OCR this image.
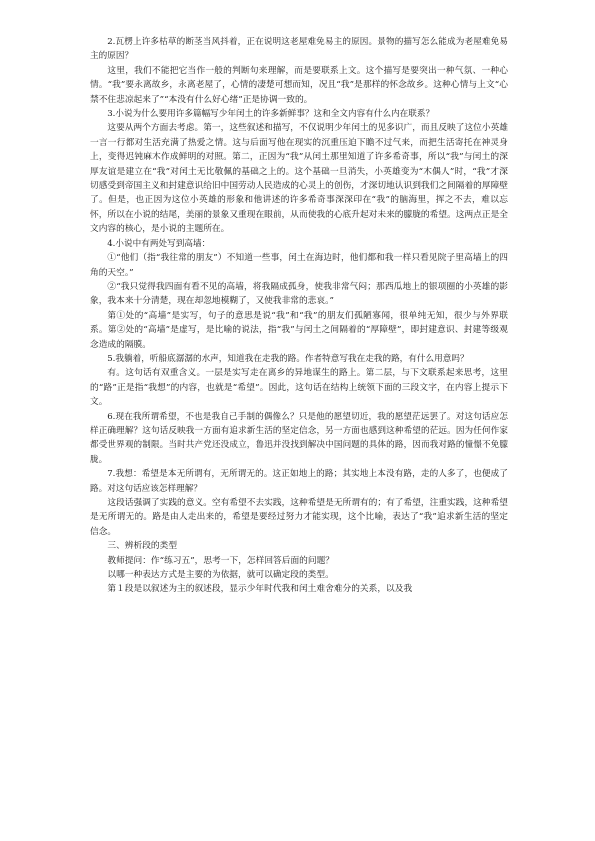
2.瓦楞上许多枯草的断茎当风抖着，正在说明这老屋难免易主的原因。景物的描写怎么能成为老屋难免易主的原因？

这里，我们不能把它当作一般的判断句来理解，而是要联系上文。这个描写是要突出一种气氛、一种心情。“我”要永离故乡，永离老屋了，心情的凄楚可想而知，况且“我”是那样的怀念故乡。这种心情与上文“心禁不住悲凉起来了”“本没有什么好心绪”正是协调一致的。

3.小说为什么要用许多篇幅写少年闰土的许多新鲜事？这和全文内容有什么内在联系？

这要从两个方面去考虑。第一，这些叙述和描写，不仅说明少年闰土的见多识广，而且反映了这位小英雄一言一行都对生活充满了热爱之情。这与后面写他在现实的沉重压迫下瞻不过气来，而把生活寄托在神灵身上，变得迟钝麻木作成鲜明的对照。第二，正因为“我”从闰土那里知道了许多希奇事，所以“我”与闰土的深厚友谊是建立在“我”对闰土无比敬佩的基础之上的。这个基础一旦消失，小英雄变为“木偶人”时，“我”才深切感受到帝国主义和封建意识给旧中国劳动人民造成的心灵上的创伤，才深切地认识到我们之间隔着的厚障壁了。但是，也正因为这位小英雄的形象和他讲述的许多希奇事深深印在“我”的脑海里，挥之不去，难以忘怀，所以在小说的结尾，美丽的景象又重现在眼前，从而使我的心底升起对未来的朦胧的希望。这两点正是全文内容的核心，是小说的主题所在。

4.小说中有两处写到高墙：

①“他们（指“我往常的朋友”）不知道一些事，闰土在海边时，他们都和我一样只看见院子里高墙上的四角的天空。”

②“我只觉得我四面有看不见的高墙，将我隔成孤身，使我非常气闷；那西瓜地上的银项圈的小英雄的影象，我本来十分清楚，现在却忽地模糊了，又使我非常的悲哀。”

第①处的“高墙”是实写，句子的意思是说“我”和“我”的朋友们孤陋寡闻，很单纯无知，很少与外界联系。第②处的“高墙”是虚写，是比喻的说法，指“我”与闰土之间隔着的“厚障壁”，即封建意识、封建等级观念造成的隔膜。

5.我躺着，听船底潺潺的水声，知道我在走我的路。作者特意写我在走我的路，有什么用意吗？

有。这句话有双重含义。一层是实写走在离乡的异地谋生的路上。第二层，与下文联系起来思考，这里的“路”正是指“我想”的内容，也就是“希望”。因此，这句话在结构上统领下面的三段文字，在内容上提示下文。

6.现在我所谓希望，不也是我自己手制的偶像么？只是他的愿望切近，我的愿望茫远罢了。对这句话应怎样正确理解？这句话反映我一方面有追求新生活的坚定信念，另一方面也感到这种希望的茫远。因为任何作家都受世界观的制限。当时共产党还没成立，鲁迅并没找到解决中国问题的具体的路，因而我对路的憧憬不免朦胧。

7.我想：希望是本无所谓有，无所谓无的。这正如地上的路；其实地上本没有路，走的人多了，也便成了路。对这句话应该怎样理解？

这段话强调了实践的意义。空有希望不去实践，这种希望是无所谓有的；有了希望，注重实践，这种希望是无所谓无的。路是由人走出来的，希望是要经过努力才能实现，这个比喻，表达了“我”追求新生活的坚定信念。

三、辨析段的类型

教师提问：作“练习五”，思考一下，怎样回答后面的问题？

以哪一种表达方式是主要的为依据，就可以确定段的类型。

第１段是以叙述为主的叙述段，显示少年时代我和闰土难舍难分的关系，以及我
